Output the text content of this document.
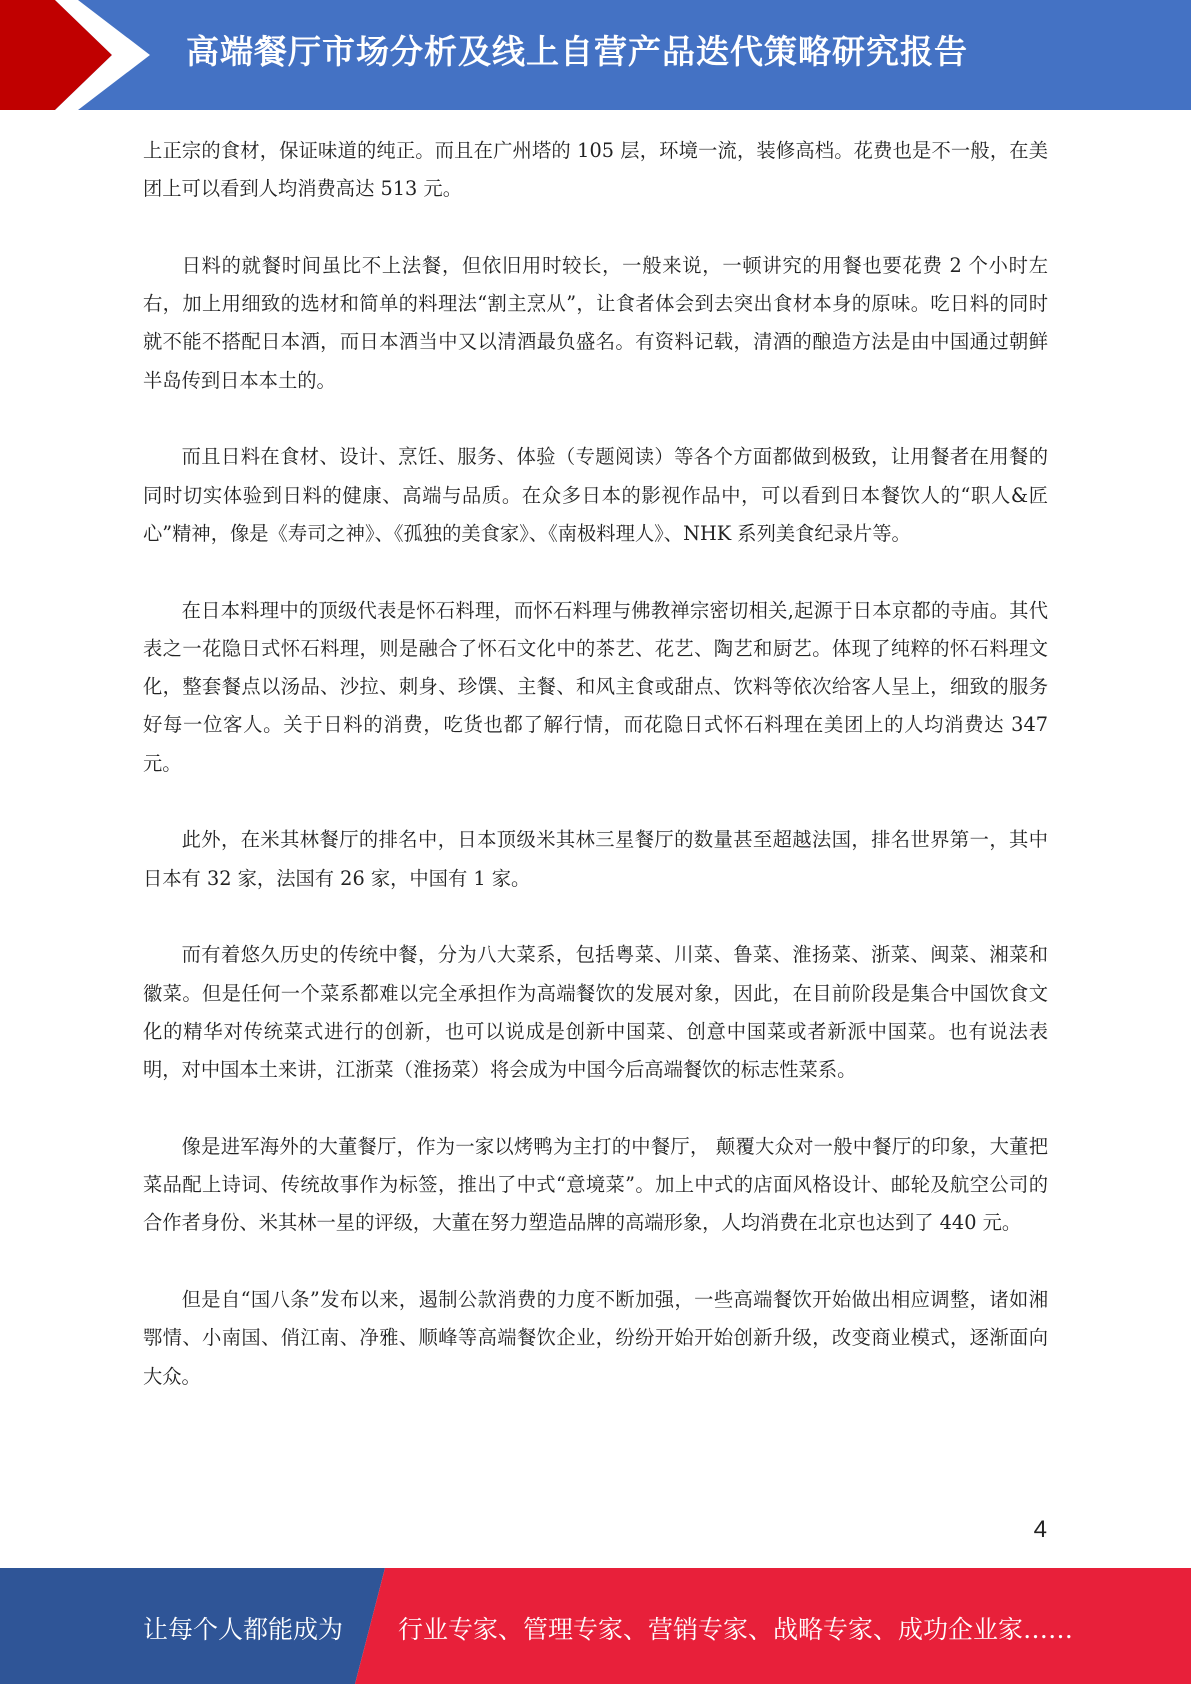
高端餐厅市场分析及线上自营产品迭代策略研究报告

上正宗的食材，保证味道的纯正。而且在广州塔的 105 层，环境一流，装修高档。花费也是不一般，在美团上可以看到人均消费高达 513 元。

日料的就餐时间虽比不上法餐，但依旧用时较长，一般来说，一顿讲究的用餐也要花费 2 个小时左右，加上用细致的选材和简单的料理法“割主烹从”，让食者体会到去突出食材本身的原味。吃日料的同时就不能不搭配日本酒，而日本酒当中又以清酒最负盛名。有资料记载，清酒的酿造方法是由中国通过朝鲜半岛传到日本本土的。

而且日料在食材、设计、烹饪、服务、体验（专题阅读）等各个方面都做到极致，让用餐者在用餐的同时切实体验到日料的健康、高端与品质。在众多日本的影视作品中，可以看到日本餐饮人的“职人&匠心”精神，像是《寿司之神》、《孤独的美食家》、《南极料理人》、NHK 系列美食纪录片等。

在日本料理中的顶级代表是怀石料理，而怀石料理与佛教禅宗密切相关,起源于日本京都的寺庙。其代表之一花隐日式怀石料理，则是融合了怀石文化中的茶艺、花艺、陶艺和厨艺。体现了纯粹的怀石料理文化，整套餐点以汤品、沙拉、刺身、珍馔、主餐、和风主食或甜点、饮料等依次给客人呈上，细致的服务好每一位客人。关于日料的消费，吃货也都了解行情，而花隐日式怀石料理在美团上的人均消费达 347 元。

此外，在米其林餐厅的排名中，日本顶级米其林三星餐厅的数量甚至超越法国，排名世界第一，其中日本有 32 家，法国有 26 家，中国有 1 家。

而有着悠久历史的传统中餐，分为八大菜系，包括粤菜、川菜、鲁菜、淮扬菜、浙菜、闽菜、湘菜和徽菜。但是任何一个菜系都难以完全承担作为高端餐饮的发展对象，因此，在目前阶段是集合中国饮食文化的精华对传统菜式进行的创新，也可以说成是创新中国菜、创意中国菜或者新派中国菜。也有说法表明，对中国本土来讲，江浙菜（淮扬菜）将会成为中国今后高端餐饮的标志性菜系。

像是进军海外的大董餐厅，作为一家以烤鸭为主打的中餐厅， 颠覆大众对一般中餐厅的印象，大董把菜品配上诗词、传统故事作为标签，推出了中式“意境菜”。加上中式的店面风格设计、邮轮及航空公司的合作者身份、米其林一星的评级，大董在努力塑造品牌的高端形象，人均消费在北京也达到了 440 元。

但是自“国八条”发布以来，遏制公款消费的力度不断加强，一些高端餐饮开始做出相应调整，诸如湘鄂情、小南国、俏江南、净雅、顺峰等高端餐饮企业，纷纷开始开始创新升级，改变商业模式，逐渐面向大众。

4
让每个人都能成为 行业专家、管理专家、营销专家、战略专家、成功企业家……
